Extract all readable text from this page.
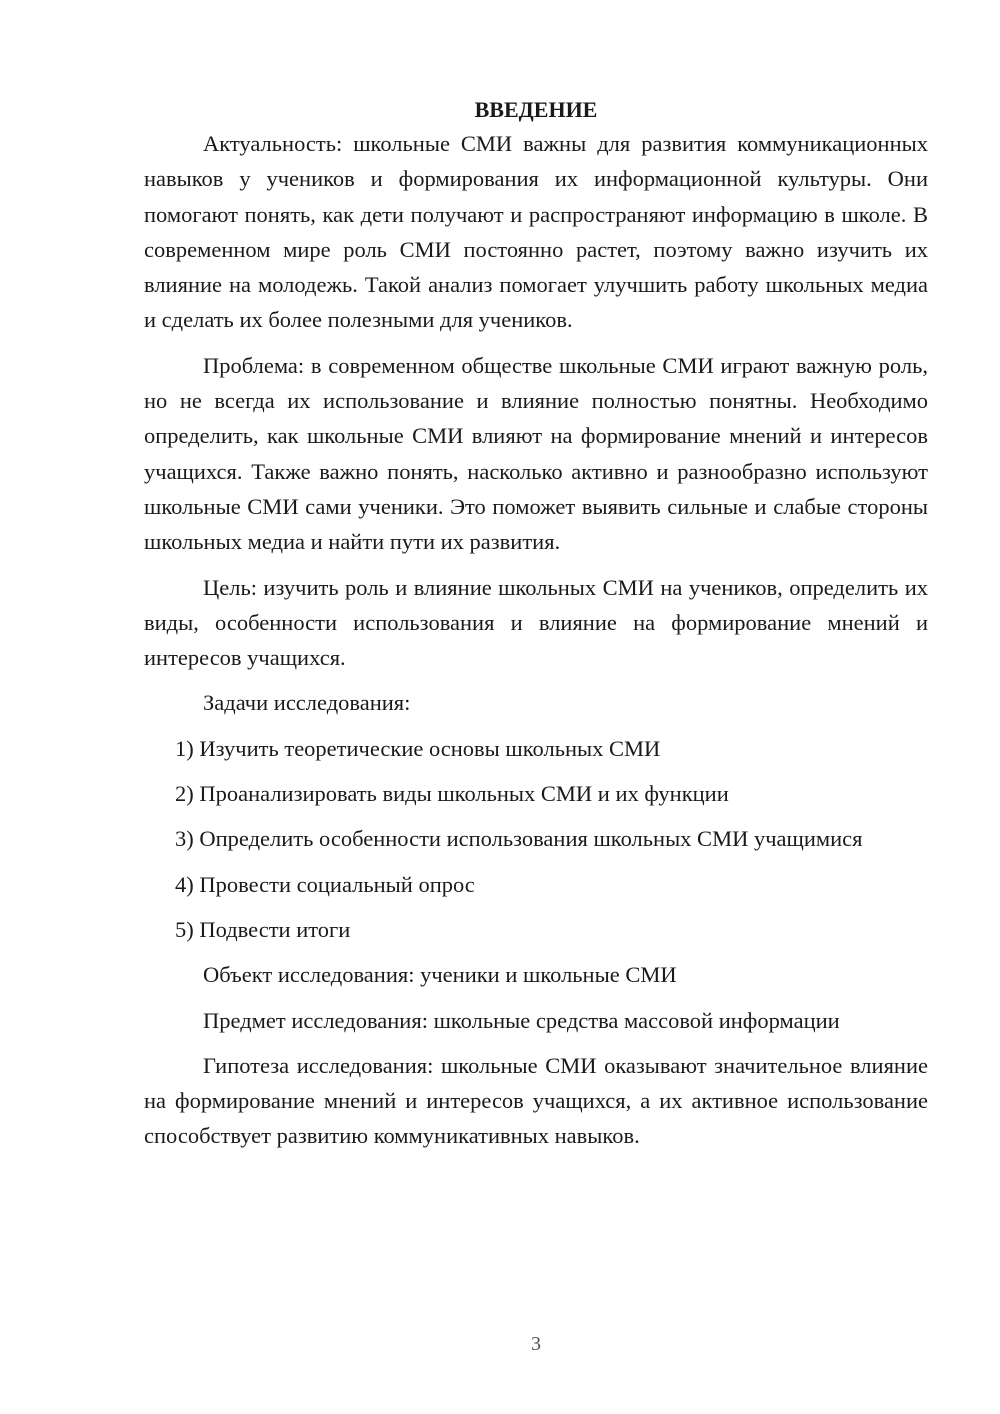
ВВЕДЕНИЕ

Актуальность: школьные СМИ важны для развития коммуникационных навыков у учеников и формирования их информационной культуры. Они помогают понять, как дети получают и распространяют информацию в школе. В современном мире роль СМИ постоянно растет, поэтому важно изучить их влияние на молодежь. Такой анализ помогает улучшить работу школьных медиа и сделать их более полезными для учеников.

Проблема: в современном обществе школьные СМИ играют важную роль, но не всегда их использование и влияние полностью понятны. Необходимо определить, как школьные СМИ влияют на формирование мнений и интересов учащихся. Также важно понять, насколько активно и разнообразно используют школьные СМИ сами ученики. Это поможет выявить сильные и слабые стороны школьных медиа и найти пути их развития.

Цель: изучить роль и влияние школьных СМИ на учеников, определить их виды, особенности использования и влияние на формирование мнений и интересов учащихся.

Задачи исследования:

1) Изучить теоретические основы школьных СМИ

2) Проанализировать виды школьных СМИ и их функции

3) Определить особенности использования школьных СМИ учащимися

4) Провести социальный опрос

5) Подвести итоги

Объект исследования: ученики и школьные СМИ

Предмет исследования: школьные средства массовой информации

Гипотеза исследования: школьные СМИ оказывают значительное влияние на формирование мнений и интересов учащихся, а их активное использование способствует развитию коммуникативных навыков.

3
